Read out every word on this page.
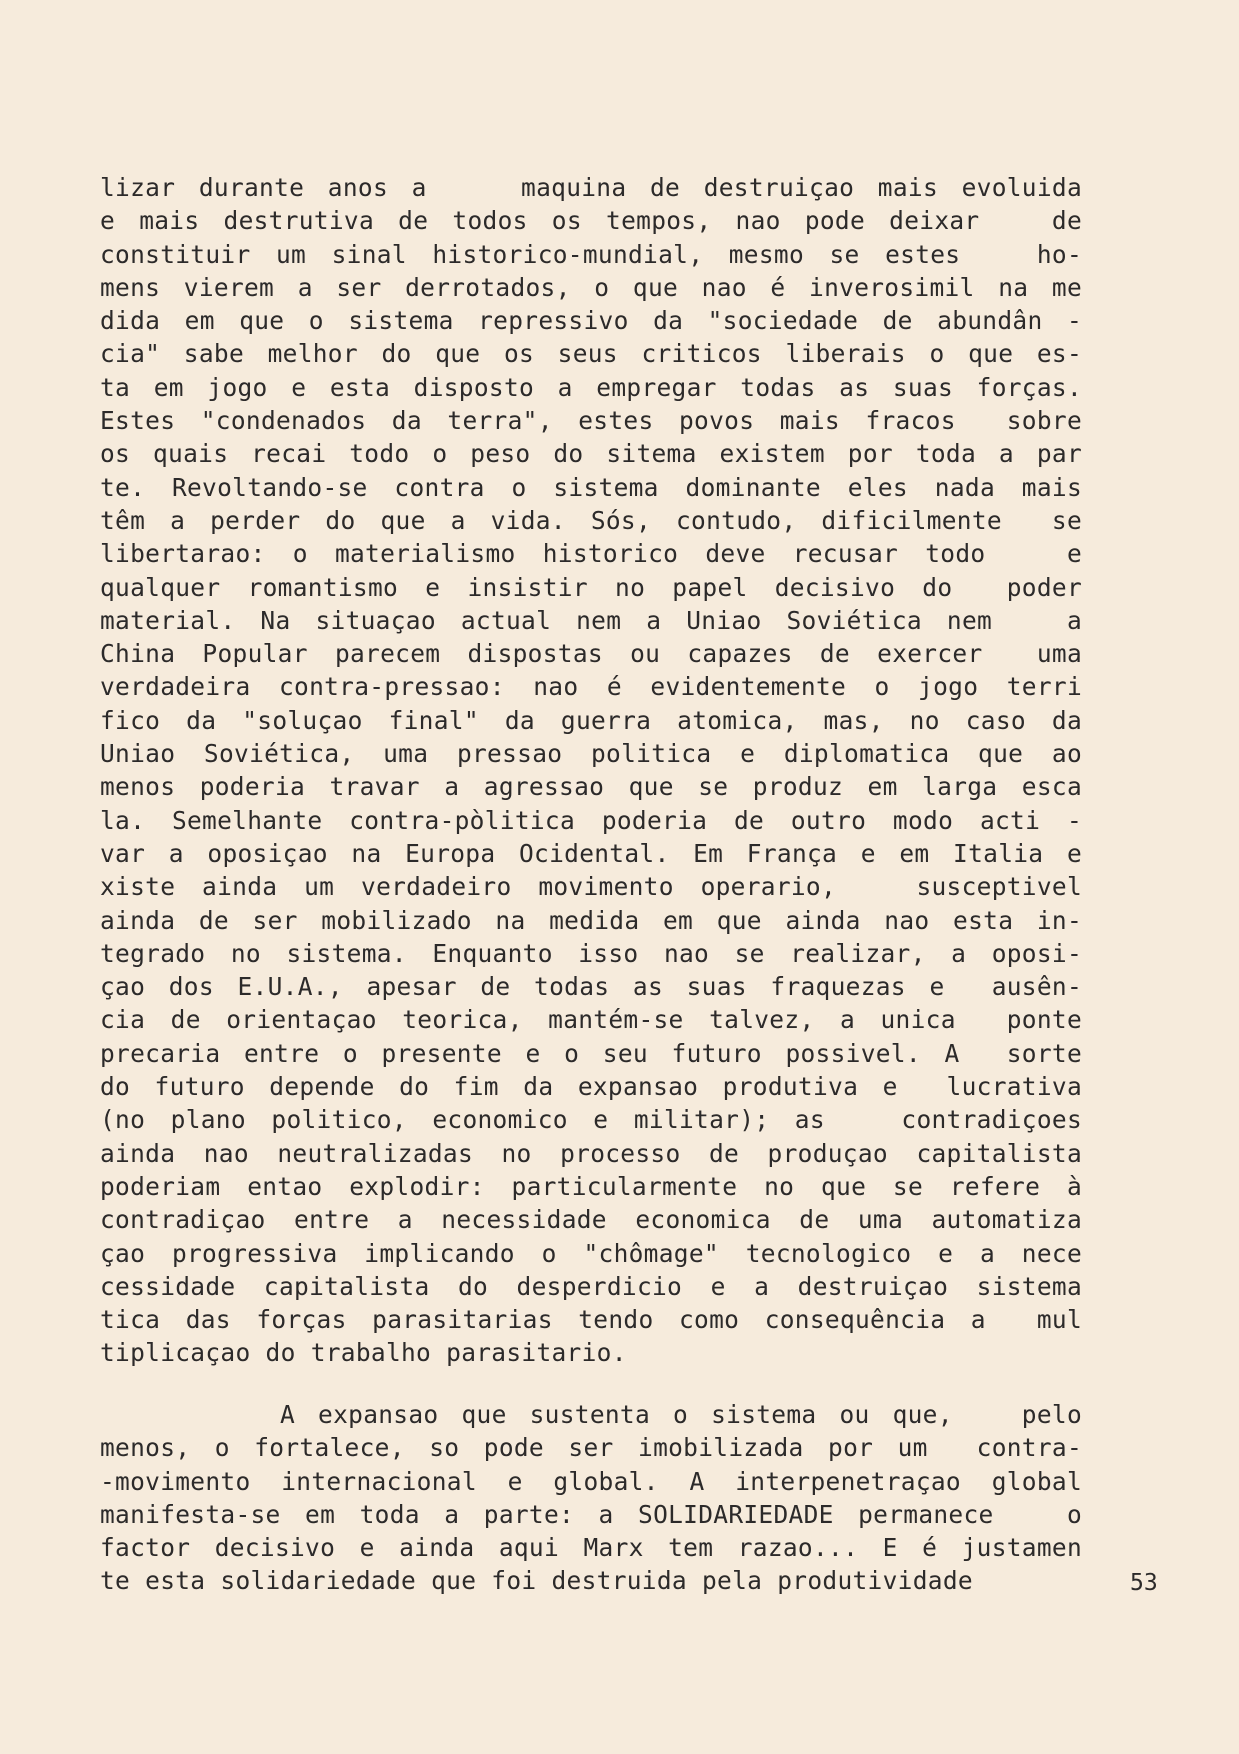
lizar durante anos a    maquina de destruiçao mais evoluida
e mais destrutiva de todos os tempos, nao pode deixar   de
constituir um sinal historico-mundial, mesmo se estes   ho-
mens vierem a ser derrotados, o que nao é inverosimil na me
dida em que o sistema repressivo da "sociedade de abundân -
cia" sabe melhor do que os seus criticos liberais o que es-
ta em jogo e esta disposto a empregar todas as suas forças.
Estes "condenados da terra", estes povos mais fracos  sobre
os quais recai todo o peso do sitema existem por toda a par
te. Revoltando-se contra o sistema dominante eles nada mais
têm a perder do que a vida. Sós, contudo, dificilmente  se
libertarao: o materialismo historico deve recusar todo   e
qualquer romantismo e insistir no papel decisivo do  poder
material. Na situaçao actual nem a Uniao Soviética nem   a
China Popular parecem dispostas ou capazes de exercer  uma
verdadeira contra-pressao: nao é evidentemente o jogo terri
fico da "soluçao final" da guerra atomica, mas, no caso da
Uniao Soviética, uma pressao politica e diplomatica que ao
menos poderia travar a agressao que se produz em larga esca
la. Semelhante contra-pòlitica poderia de outro modo acti -
var a oposiçao na Europa Ocidental. Em França e em Italia e
xiste ainda um verdadeiro movimento operario,   susceptivel
ainda de ser mobilizado na medida em que ainda nao esta in-
tegrado no sistema. Enquanto isso nao se realizar, a oposi-
çao dos E.U.A., apesar de todas as suas fraquezas e  ausên-
cia de orientaçao teorica, mantém-se talvez, a unica  ponte
precaria entre o presente e o seu futuro possivel. A  sorte
do futuro depende do fim da expansao produtiva e  lucrativa
(no plano politico, economico e militar); as   contradiçoes
ainda nao neutralizadas no processo de produçao capitalista
poderiam entao explodir: particularmente no que se refere à
contradiçao entre a necessidade economica de uma automatiza
çao progressiva implicando o "chômage" tecnologico e a nece
cessidade capitalista do desperdicio e a destruiçao sistema
tica das forças parasitarias tendo como consequência a  mul
tiplicaçao do trabalho parasitario.
A expansao que sustenta o sistema ou que,   pelo
menos, o fortalece, so pode ser imobilizada por um  contra-
-movimento internacional e global. A interpenetraçao global
manifesta-se em toda a parte: a SOLIDARIEDADE permanece   o
factor decisivo e ainda aqui Marx tem razao... E é justamen
te esta solidariedade que foi destruida pela produtividade	53
